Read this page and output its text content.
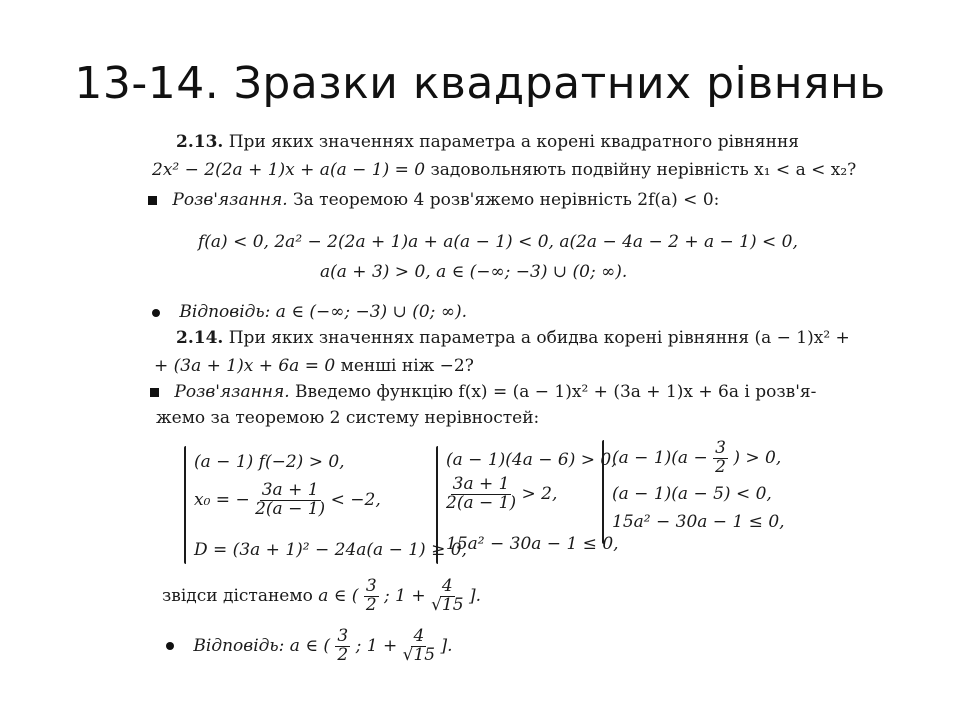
13-14. Зразки квадратних рівнянь
2.13. При яких значеннях параметра a корені квадратного рівняння
2x² − 2(2a + 1)x + a(a − 1) = 0 задовольняють подвійну нерівність x₁ < a < x₂?
Розв'язання. За теоремою 4 розв'яжемо нерівність 2f(a) < 0:
f(a) < 0, 2a² − 2(2a + 1)a + a(a − 1) < 0, a(2a − 4a − 2 + a − 1) < 0,
a(a + 3) > 0, a ∈ (−∞; −3) ∪ (0; ∞).
Відповідь: a ∈ (−∞; −3) ∪ (0; ∞).
2.14. При яких значеннях параметра a обидва корені рівняння (a − 1)x² +
+ (3a + 1)x + 6a = 0 менші ніж −2?
Розв'язання. Введемо функцію f(x) = (a − 1)x² + (3a + 1)x + 6a і розв'я-
жемо за теоремою 2 систему нерівностей:
(a − 1) f(−2) > 0,
x₀ = − $\frac{3a + 1}{2(a - 1)} < -2$,
D = (3a + 1)² − 24a(a − 1) ≥ 0,
(a − 1)(4a − 6) > 0,
$\frac{3a + 1}{2(a - 1)} > 2$,
15a² − 30a − 1 ≤ 0,
$(a - 1)(a - \frac{3}{2}$ ) > 0,
(a − 1)(a − 5) < 0,
15a² − 30a − 1 ≤ 0,
звідси дістанемо a ∈ ( $\frac{3}{2}$ ; $1 + \frac{4}{√15}$ ].
Відповідь: a ∈ ( $\frac{3}{2}$ ; $1 + \frac{4}{√15}$ ].
